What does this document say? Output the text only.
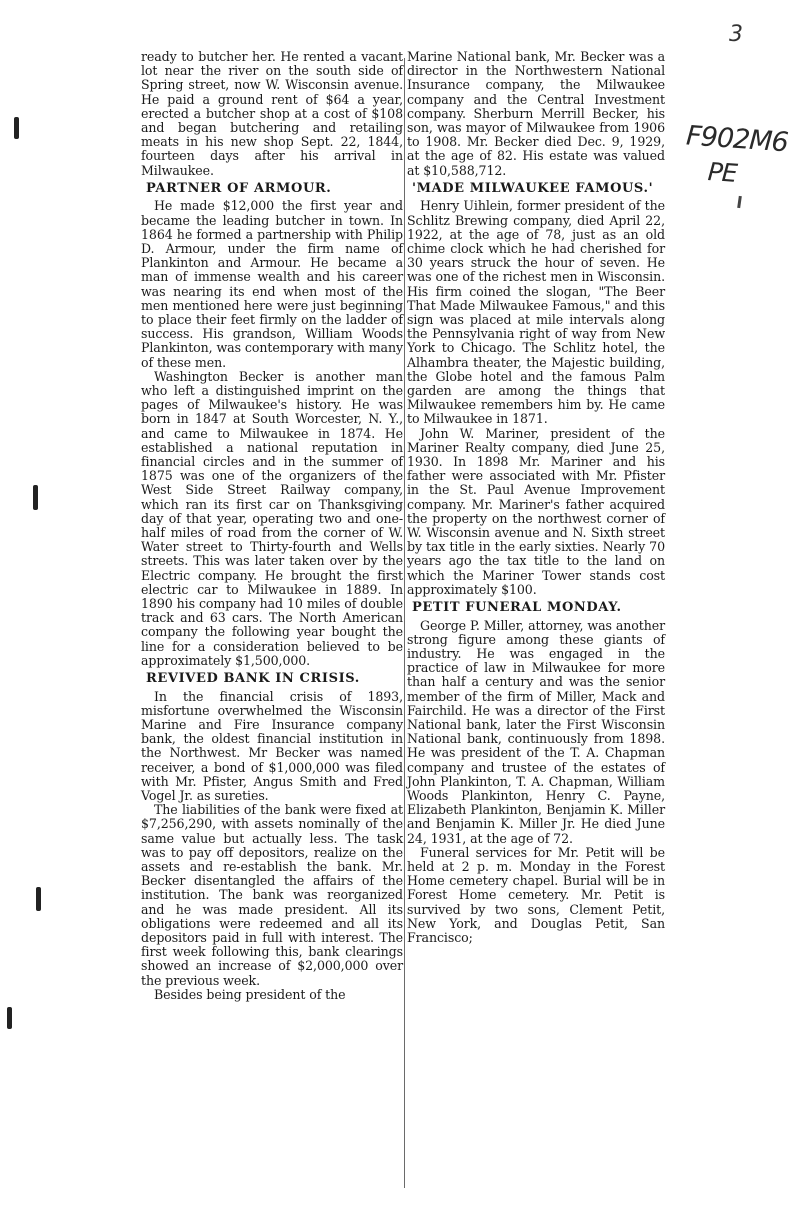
3
F902M6
PE

ready to butcher her. He rented a vacant lot near the river on the south side of Spring street, now W. Wisconsin avenue. He paid a ground rent of $64 a year, erected a butcher shop at a cost of $108 and began butchering and retailing meats in his new shop Sept. 22, 1844, fourteen days after his arrival in Milwaukee.

PARTNER OF ARMOUR.

He made $12,000 the first year and became the leading butcher in town. In 1864 he formed a partnership with Philip D. Armour, under the firm name of Plankinton and Armour. He became a man of immense wealth and his career was nearing its end when most of the men mentioned here were just beginning to place their feet firmly on the ladder of success. His grandson, William Woods Plankinton, was contemporary with many of these men.

Washington Becker is another man who left a distinguished imprint on the pages of Milwaukee's history. He was born in 1847 at South Worcester, N. Y., and came to Milwaukee in 1874. He established a national reputation in financial circles and in the summer of 1875 was one of the organizers of the West Side Street Railway company, which ran its first car on Thanksgiving day of that year, operating two and one-half miles of road from the corner of W. Water street to Thirty-fourth and Wells streets. This was later taken over by the Electric company. He brought the first electric car to Milwaukee in 1889. In 1890 his company had 10 miles of double track and 63 cars. The North American company the following year bought the line for a consideration believed to be approximately $1,500,000.

REVIVED BANK IN CRISIS.

In the financial crisis of 1893, misfortune overwhelmed the Wisconsin Marine and Fire Insurance company bank, the oldest financial institution in the Northwest. Mr Becker was named receiver, a bond of $1,000,000 was filed with Mr. Pfister, Angus Smith and Fred Vogel Jr. as sureties.

The liabilities of the bank were fixed at $7,256,290, with assets nominally of the same value but actually less. The task was to pay off depositors, realize on the assets and re-establish the bank. Mr. Becker disentangled the affairs of the institution. The bank was reorganized and he was made president. All its obligations were redeemed and all its depositors paid in full with interest. The first week following this, bank clearings showed an increase of $2,000,000 over the previous week.

Besides being president of the

Marine National bank, Mr. Becker was a director in the Northwestern National Insurance company, the Milwaukee company and the Central Investment company. Sherburn Merrill Becker, his son, was mayor of Milwaukee from 1906 to 1908. Mr. Becker died Dec. 9, 1929, at the age of 82. His estate was valued at $10,588,712.

'MADE MILWAUKEE FAMOUS.'

Henry Uihlein, former president of the Schlitz Brewing company, died April 22, 1922, at the age of 78, just as an old chime clock which he had cherished for 30 years struck the hour of seven. He was one of the richest men in Wisconsin. His firm coined the slogan, "The Beer That Made Milwaukee Famous," and this sign was placed at mile intervals along the Pennsylvania right of way from New York to Chicago. The Schlitz hotel, the Alhambra theater, the Majestic building, the Globe hotel and the famous Palm garden are among the things that Milwaukee remembers him by. He came to Milwaukee in 1871.

John W. Mariner, president of the Mariner Realty company, died June 25, 1930. In 1898 Mr. Mariner and his father were associated with Mr. Pfister in the St. Paul Avenue Improvement company. Mr. Mariner's father acquired the property on the northwest corner of W. Wisconsin avenue and N. Sixth street by tax title in the early sixties. Nearly 70 years ago the tax title to the land on which the Mariner Tower stands cost approximately $100.

PETIT FUNERAL MONDAY.

George P. Miller, attorney, was another strong figure among these giants of industry. He was engaged in the practice of law in Milwaukee for more than half a century and was the senior member of the firm of Miller, Mack and Fairchild. He was a director of the First National bank, later the First Wisconsin National bank, continuously from 1898. He was president of the T. A. Chapman company and trustee of the estates of John Plankinton, T. A. Chapman, William Woods Plankinton, Henry C. Payne, Elizabeth Plankinton, Benjamin K. Miller and Benjamin K. Miller Jr. He died June 24, 1931, at the age of 72.

Funeral services for Mr. Petit will be held at 2 p. m. Monday in the Forest Home cemetery chapel. Burial will be in Forest Home cemetery. Mr. Petit is survived by two sons, Clement Petit, New York, and Douglas Petit, San Francisco;
